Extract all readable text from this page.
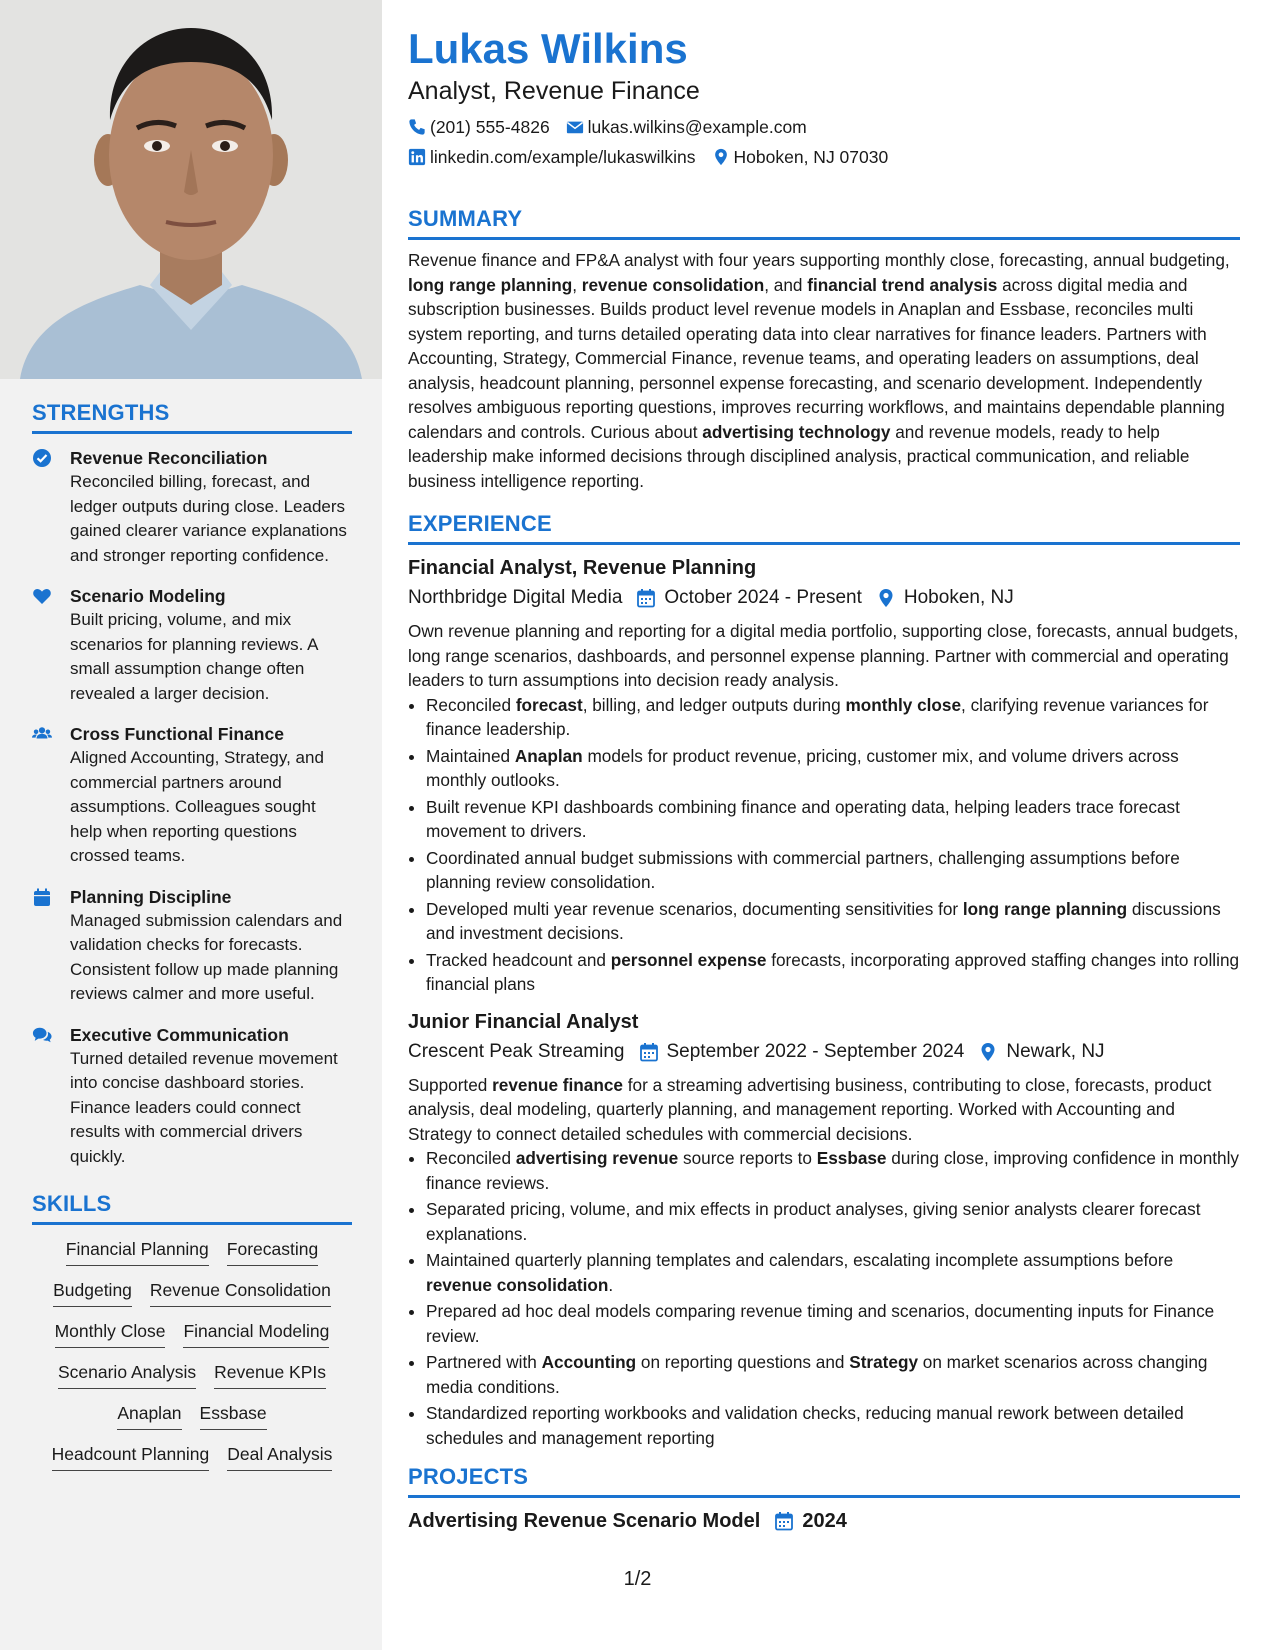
STRENGTHS
Revenue Reconciliation
Reconciled billing, forecast, and ledger outputs during close. Leaders gained clearer variance explanations and stronger reporting confidence.
Scenario Modeling
Built pricing, volume, and mix scenarios for planning reviews. A small assumption change often revealed a larger decision.
Cross Functional Finance
Aligned Accounting, Strategy, and commercial partners around assumptions. Colleagues sought help when reporting questions crossed teams.
Planning Discipline
Managed submission calendars and validation checks for forecasts. Consistent follow up made planning reviews calmer and more useful.
Executive Communication
Turned detailed revenue movement into concise dashboard stories. Finance leaders could connect results with commercial drivers quickly.
SKILLS
Financial Planning Forecasting
Budgeting Revenue Consolidation
Monthly Close Financial Modeling
Scenario Analysis Revenue KPIs
Anaplan Essbase
Headcount Planning Deal Analysis
Lukas Wilkins
Analyst, Revenue Finance
(201) 555-4826 lukas.wilkins@example.com
linkedin.com/example/lukaswilkins Hoboken, NJ 07030
SUMMARY
Revenue finance and FP&A analyst with four years supporting monthly close, forecasting, annual budgeting, long range planning, revenue consolidation, and financial trend analysis across digital media and subscription businesses. Builds product level revenue models in Anaplan and Essbase, reconciles multi system reporting, and turns detailed operating data into clear narratives for finance leaders. Partners with Accounting, Strategy, Commercial Finance, revenue teams, and operating leaders on assumptions, deal analysis, headcount planning, personnel expense forecasting, and scenario development. Independently resolves ambiguous reporting questions, improves recurring workflows, and maintains dependable planning calendars and controls. Curious about advertising technology and revenue models, ready to help leadership make informed decisions through disciplined analysis, practical communication, and reliable business intelligence reporting.
EXPERIENCE
Financial Analyst, Revenue Planning
Northbridge Digital Media October 2024 - Present Hoboken, NJ
Own revenue planning and reporting for a digital media portfolio, supporting close, forecasts, annual budgets, long range scenarios, dashboards, and personnel expense planning. Partner with commercial and operating leaders to turn assumptions into decision ready analysis.
• Reconciled forecast, billing, and ledger outputs during monthly close, clarifying revenue variances for finance leadership.
• Maintained Anaplan models for product revenue, pricing, customer mix, and volume drivers across monthly outlooks.
• Built revenue KPI dashboards combining finance and operating data, helping leaders trace forecast movement to drivers.
• Coordinated annual budget submissions with commercial partners, challenging assumptions before planning review consolidation.
• Developed multi year revenue scenarios, documenting sensitivities for long range planning discussions and investment decisions.
• Tracked headcount and personnel expense forecasts, incorporating approved staffing changes into rolling financial plans
Junior Financial Analyst
Crescent Peak Streaming September 2022 - September 2024 Newark, NJ
Supported revenue finance for a streaming advertising business, contributing to close, forecasts, product analysis, deal modeling, quarterly planning, and management reporting. Worked with Accounting and Strategy to connect detailed schedules with commercial decisions.
• Reconciled advertising revenue source reports to Essbase during close, improving confidence in monthly finance reviews.
• Separated pricing, volume, and mix effects in product analyses, giving senior analysts clearer forecast explanations.
• Maintained quarterly planning templates and calendars, escalating incomplete assumptions before revenue consolidation.
• Prepared ad hoc deal models comparing revenue timing and scenarios, documenting inputs for Finance review.
• Partnered with Accounting on reporting questions and Strategy on market scenarios across changing media conditions.
• Standardized reporting workbooks and validation checks, reducing manual rework between detailed schedules and management reporting
PROJECTS
Advertising Revenue Scenario Model 2024
1/2
